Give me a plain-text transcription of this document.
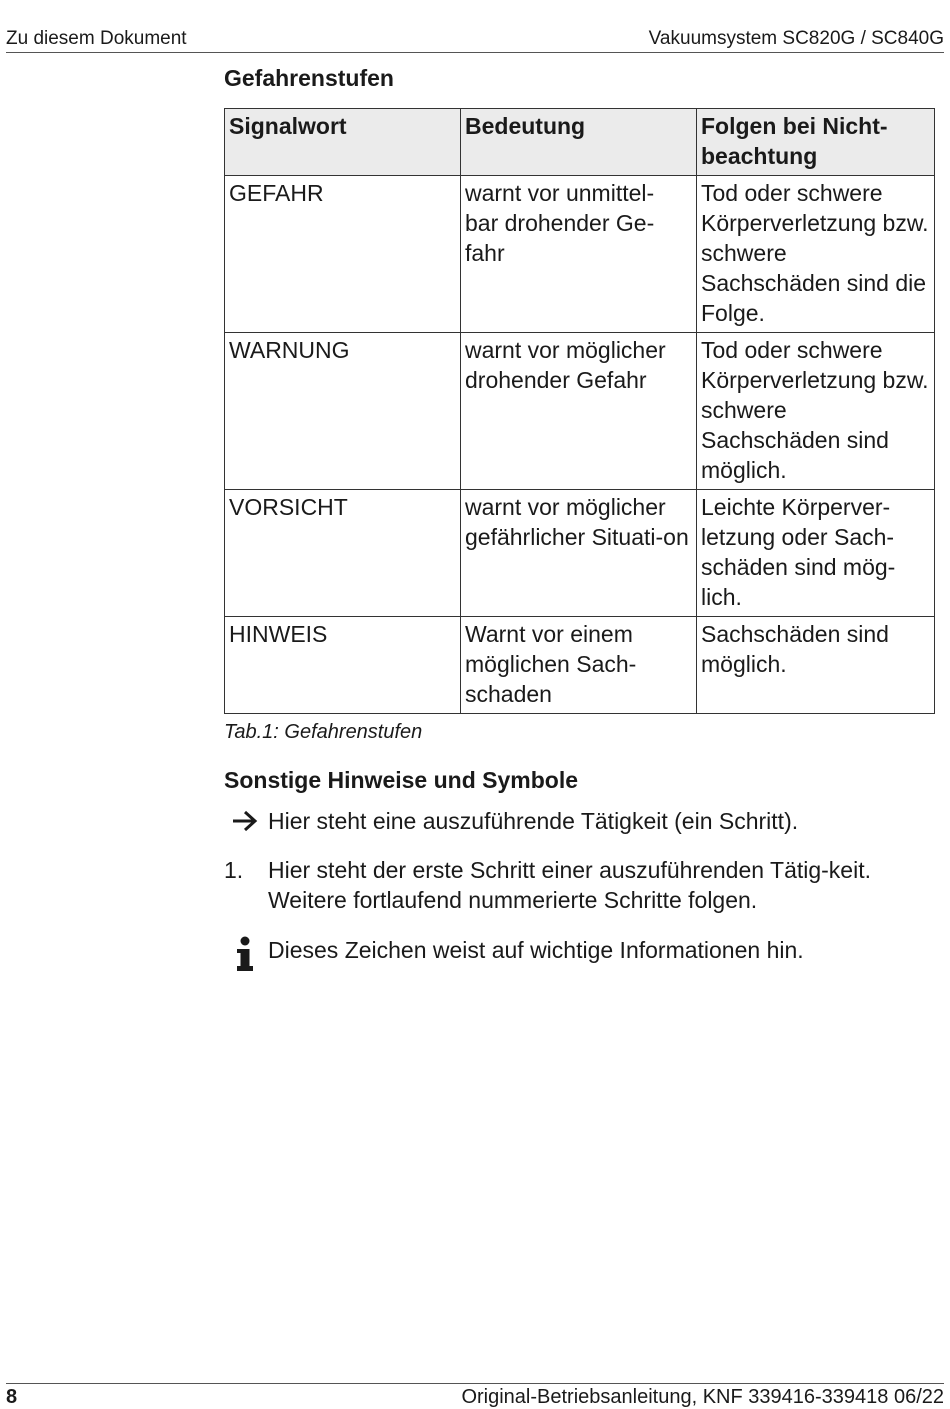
Zu diesem Dokument	Vakuumsystem SC820G / SC840G
Gefahrenstufen
Signalwort	Bedeutung	Folgen bei Nicht-beachtung

GEFAHR	warnt vor unmittel-bar drohender Ge-fahr	Tod oder schwere Körperverletzung bzw. schwere Sachschäden sind die Folge.
WARNUNG	warnt vor möglicher drohender Gefahr	Tod oder schwere Körperverletzung bzw. schwere Sachschäden sind möglich.
VORSICHT	warnt vor möglicher gefährlicher Situati-on	Leichte Körperver-letzung oder Sach-schäden sind mög-lich.

HINWEIS	Warnt vor einem möglichen Sach-schaden	Sachschäden sind möglich.
Tab.1: Gefahrenstufen
Sonstige Hinweise und Symbole
Hier steht eine auszuführende Tätigkeit (ein Schritt).
1.	Hier steht der erste Schritt einer auszuführenden Tätig-keit.
Weitere fortlaufend nummerierte Schritte folgen.
Dieses Zeichen weist auf wichtige Informationen hin.
8	Original-Betriebsanleitung, KNF 339416-339418 06/22
